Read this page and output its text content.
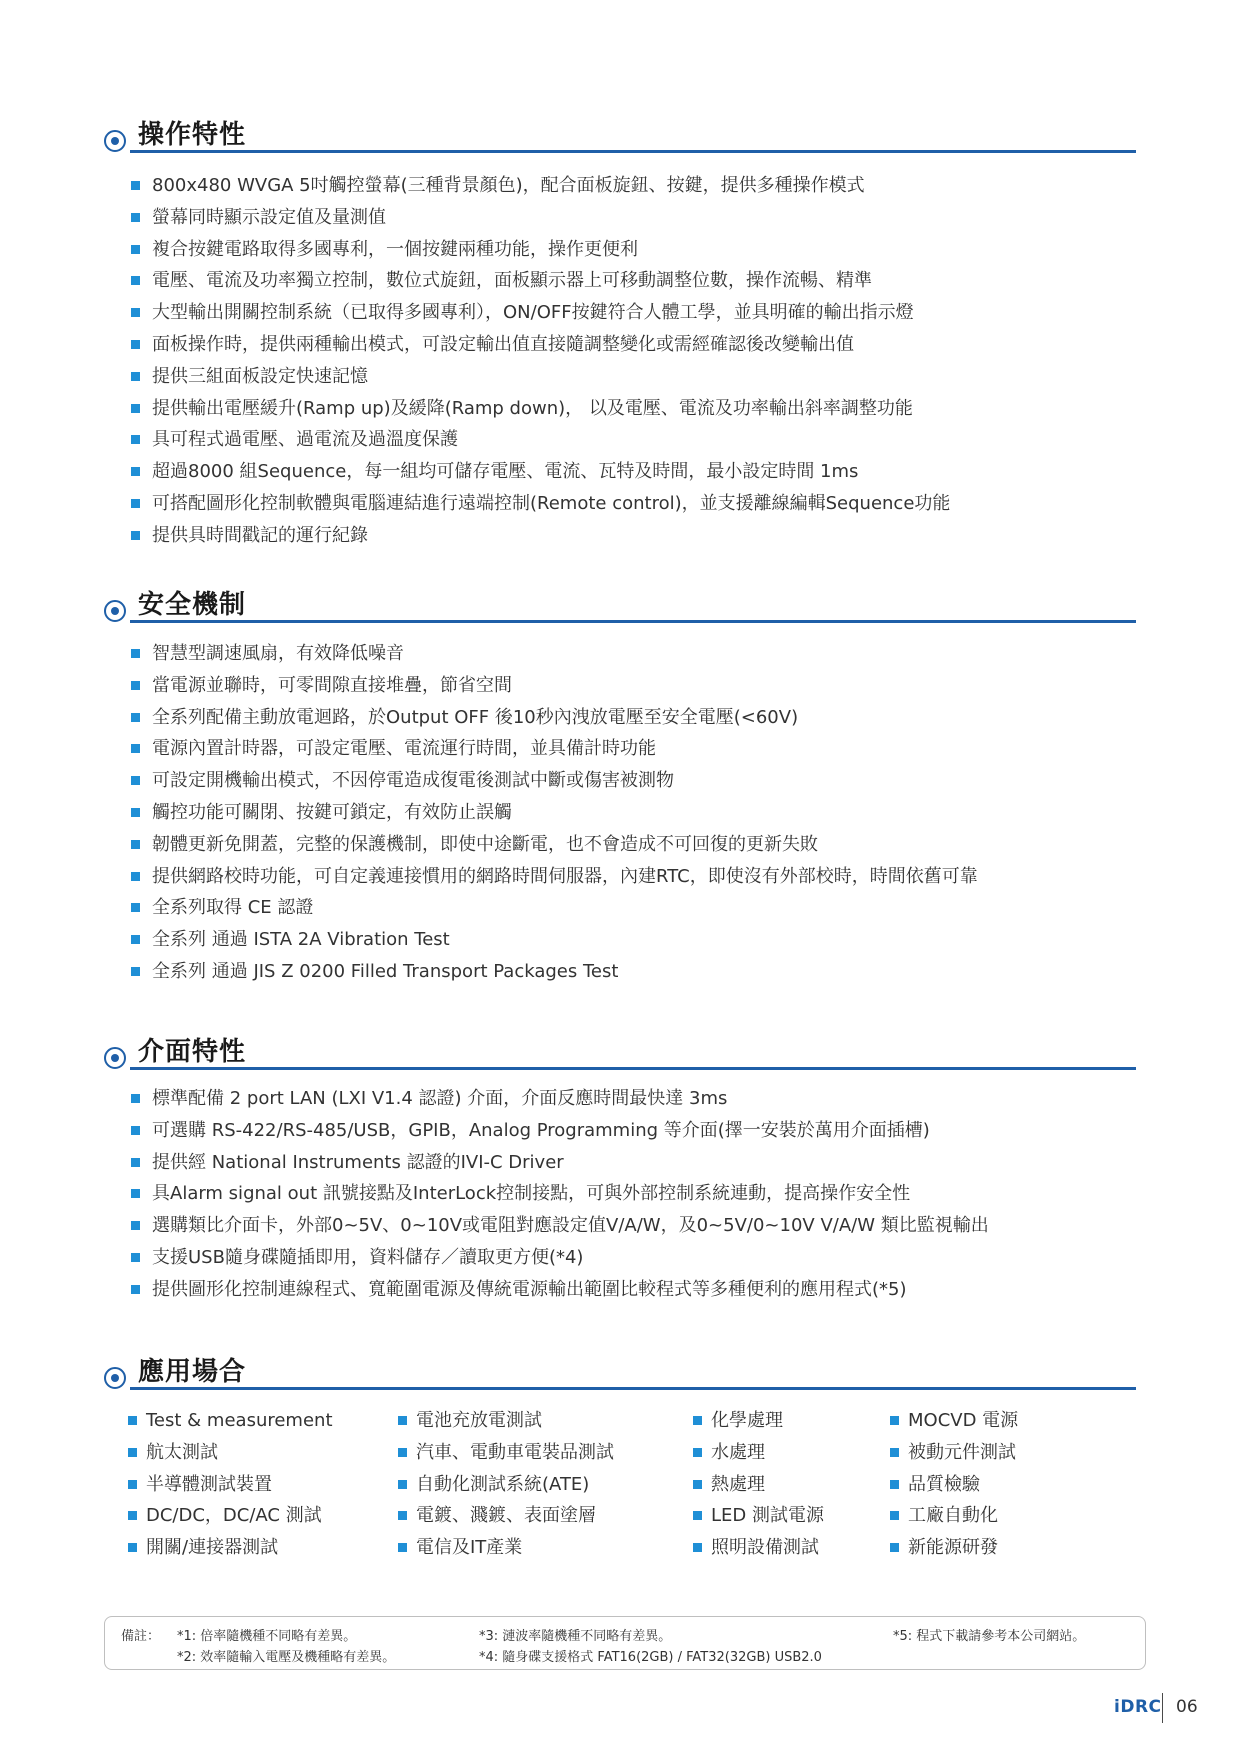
操作特性
800x480 WVGA 5吋觸控螢幕(三種背景顏色)，配合面板旋鈕、按鍵，提供多種操作模式
螢幕同時顯示設定值及量測值
複合按鍵電路取得多國專利，一個按鍵兩種功能，操作更便利
電壓、電流及功率獨立控制，數位式旋鈕，面板顯示器上可移動調整位數，操作流暢、精準
大型輸出開關控制系統（已取得多國專利），ON/OFF按鍵符合人體工學，並具明確的輸出指示燈
面板操作時，提供兩種輸出模式，可設定輸出值直接隨調整變化或需經確認後改變輸出值
提供三組面板設定快速記憶
提供輸出電壓緩升(Ramp up)及緩降(Ramp down)， 以及電壓、電流及功率輸出斜率調整功能
具可程式過電壓、過電流及過溫度保護
超過8000 組Sequence，每一組均可儲存電壓、電流、瓦特及時間，最小設定時間 1ms
可搭配圖形化控制軟體與電腦連結進行遠端控制(Remote control)，並支援離線編輯Sequence功能
提供具時間戳記的運行紀錄
安全機制
智慧型調速風扇，有效降低噪音
當電源並聯時，可零間隙直接堆疊，節省空間
全系列配備主動放電迴路，於Output OFF 後10秒內洩放電壓至安全電壓(<60V)
電源內置計時器，可設定電壓、電流運行時間，並具備計時功能
可設定開機輸出模式，不因停電造成復電後測試中斷或傷害被測物
觸控功能可關閉、按鍵可鎖定，有效防止誤觸
韌體更新免開蓋，完整的保護機制，即使中途斷電，也不會造成不可回復的更新失敗
提供網路校時功能，可自定義連接慣用的網路時間伺服器，內建RTC，即使沒有外部校時，時間依舊可靠
全系列取得 CE 認證
全系列 通過 ISTA 2A Vibration Test
全系列 通過 JIS Z 0200 Filled Transport Packages Test
介面特性
標準配備 2 port LAN (LXI V1.4 認證) 介面，介面反應時間最快達 3ms
可選購 RS-422/RS-485/USB，GPIB，Analog Programming 等介面(擇一安裝於萬用介面插槽)
提供經 National Instruments 認證的IVI-C Driver
具Alarm signal out 訊號接點及InterLock控制接點，可與外部控制系統連動，提高操作安全性
選購類比介面卡，外部0~5V、0~10V或電阻對應設定值V/A/W，及0~5V/0~10V V/A/W 類比監視輸出
支援USB隨身碟隨插即用，資料儲存／讀取更方便(*4)
提供圖形化控制連線程式、寬範圍電源及傳統電源輸出範圍比較程式等多種便利的應用程式(*5)
應用場合
Test & measurement
航太測試
半導體測試裝置
DC/DC，DC/AC 測試
開關/連接器測試
電池充放電測試
汽車、電動車電裝品測試
自動化測試系統(ATE)
電鍍、濺鍍、表面塗層
電信及IT產業
化學處理
水處理
熱處理
LED 測試電源
照明設備測試
MOCVD 電源
被動元件測試
品質檢驗
工廠自動化
新能源研發
備註： *1: 倍率隨機種不同略有差異。
*2: 效率隨輸入電壓及機種略有差異。
*3: 漣波率隨機種不同略有差異。
*4: 隨身碟支援格式 FAT16(2GB) / FAT32(32GB) USB2.0
*5: 程式下載請參考本公司網站。
iDRC 06
